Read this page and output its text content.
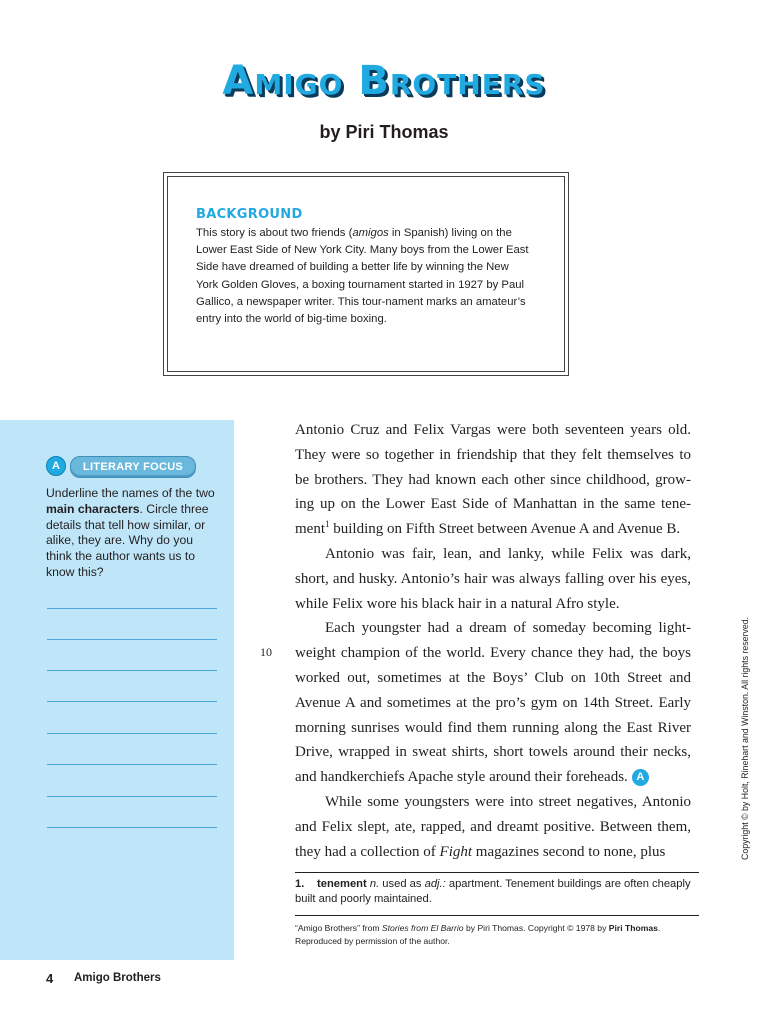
Amigo Brothers
by Piri Thomas
BACKGROUND
This story is about two friends (amigos in Spanish) living on the Lower East Side of New York City. Many boys from the Lower East Side have dreamed of building a better life by winning the New York Golden Gloves, a boxing tournament started in 1927 by Paul Gallico, a newspaper writer. This tour-nament marks an amateur’s entry into the world of big-time boxing.
A	LITERARY FOCUS
Underline the names of the two main characters. Circle three details that tell how similar, or alike, they are. Why do you think the author wants us to know this?
10

Antonio Cruz and Felix Vargas were both seventeen years old. They were so together in friendship that they felt themselves to be brothers. They had known each other since childhood, grow-ing up on the Lower East Side of Manhattan in the same tene-ment$^1$ building on Fifth Street between Avenue A and Avenue B.

Antonio was fair, lean, and lanky, while Felix was dark, short, and husky. Antonio’s hair was always falling over his eyes, while Felix wore his black hair in a natural Afro style.

Each youngster had a dream of someday becoming light-weight champion of the world. Every chance they had, the boys worked out, sometimes at the Boys’ Club on 10th Street and Avenue A and sometimes at the pro’s gym on 14th Street. Early morning sunrises would find them running along the East River Drive, wrapped in sweat shirts, short towels around their necks, and handkerchiefs Apache style around their foreheads. A

While some youngsters were into street negatives, Antonio and Felix slept, ate, rapped, and dreamt positive. Between them, they had a collection of Fight magazines second to none, plus

1. tenement n. used as adj.: apartment. Tenement buildings are often cheaply built and poorly maintained.
“Amigo Brothers” from Stories from El Barrio by Piri Thomas. Copyright © 1978 by Piri Thomas.
Reproduced by permission of the author.
Copyright © by Holt, Rinehart and Winston. All rights reserved.
4 Amigo Brothers
